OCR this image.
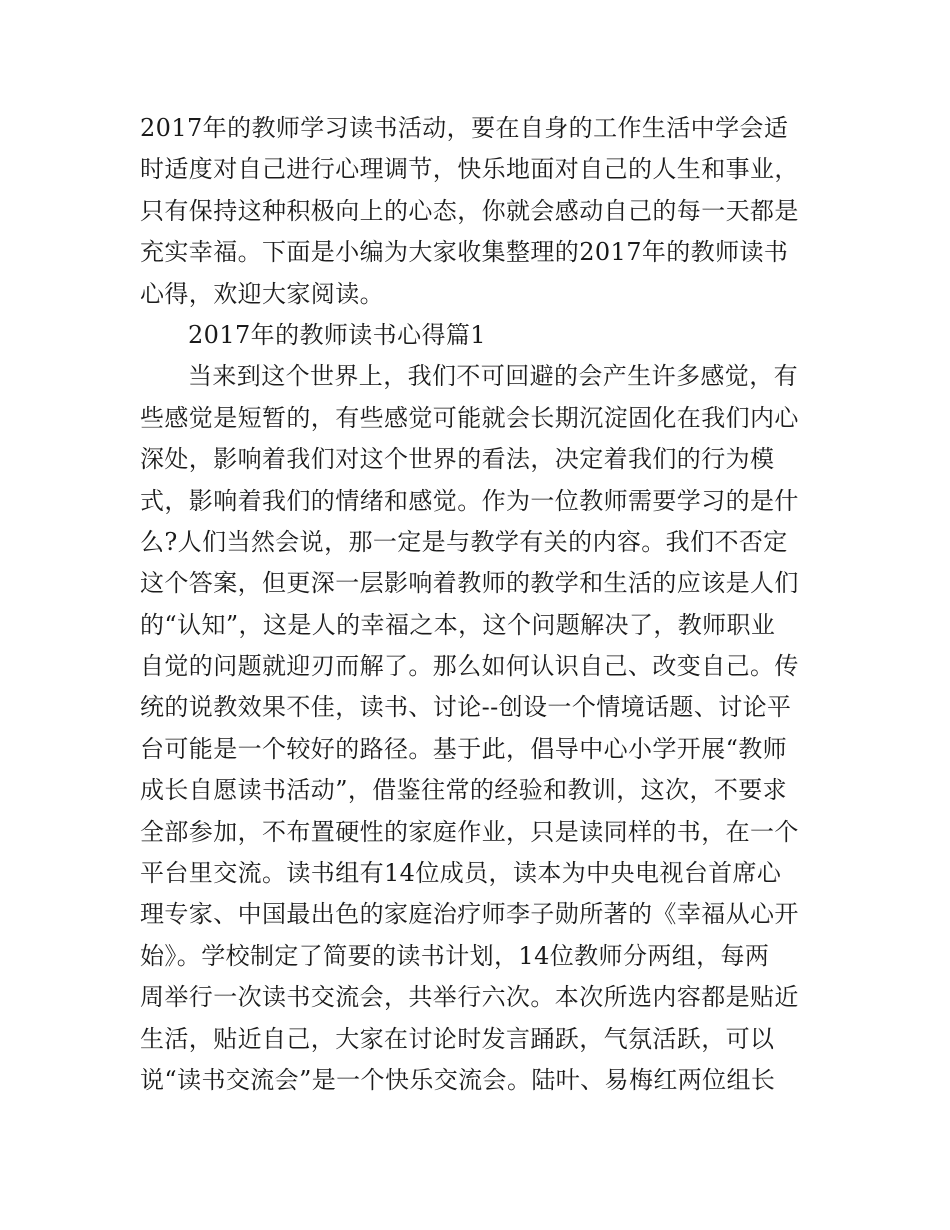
2017年的教师学习读书活动，要在自身的工作生活中学会适
时适度对自己进行心理调节，快乐地面对自己的人生和事业，
只有保持这种积极向上的心态，你就会感动自己的每一天都是
充实幸福。下面是小编为大家收集整理的2017年的教师读书
心得，欢迎大家阅读。
2017年的教师读书心得篇1
当来到这个世界上，我们不可回避的会产生许多感觉，有
些感觉是短暂的，有些感觉可能就会长期沉淀固化在我们内心
深处，影响着我们对这个世界的看法，决定着我们的行为模
式，影响着我们的情绪和感觉。作为一位教师需要学习的是什
么?人们当然会说，那一定是与教学有关的内容。我们不否定
这个答案，但更深一层影响着教师的教学和生活的应该是人们
的“认知”，这是人的幸福之本，这个问题解决了，教师职业
自觉的问题就迎刃而解了。那么如何认识自己、改变自己。传
统的说教效果不佳，读书、讨论--创设一个情境话题、讨论平
台可能是一个较好的路径。基于此，倡导中心小学开展“教师
成长自愿读书活动”，借鉴往常的经验和教训，这次，不要求
全部参加，不布置硬性的家庭作业，只是读同样的书，在一个
平台里交流。读书组有14位成员，读本为中央电视台首席心
理专家、中国最出色的家庭治疗师李子勋所著的《幸福从心开
始》。学校制定了简要的读书计划，14位教师分两组，每两
周举行一次读书交流会，共举行六次。本次所选内容都是贴近
生活，贴近自己，大家在讨论时发言踊跃，气氛活跃，可以
说“读书交流会”是一个快乐交流会。陆叶、易梅红两位组长
